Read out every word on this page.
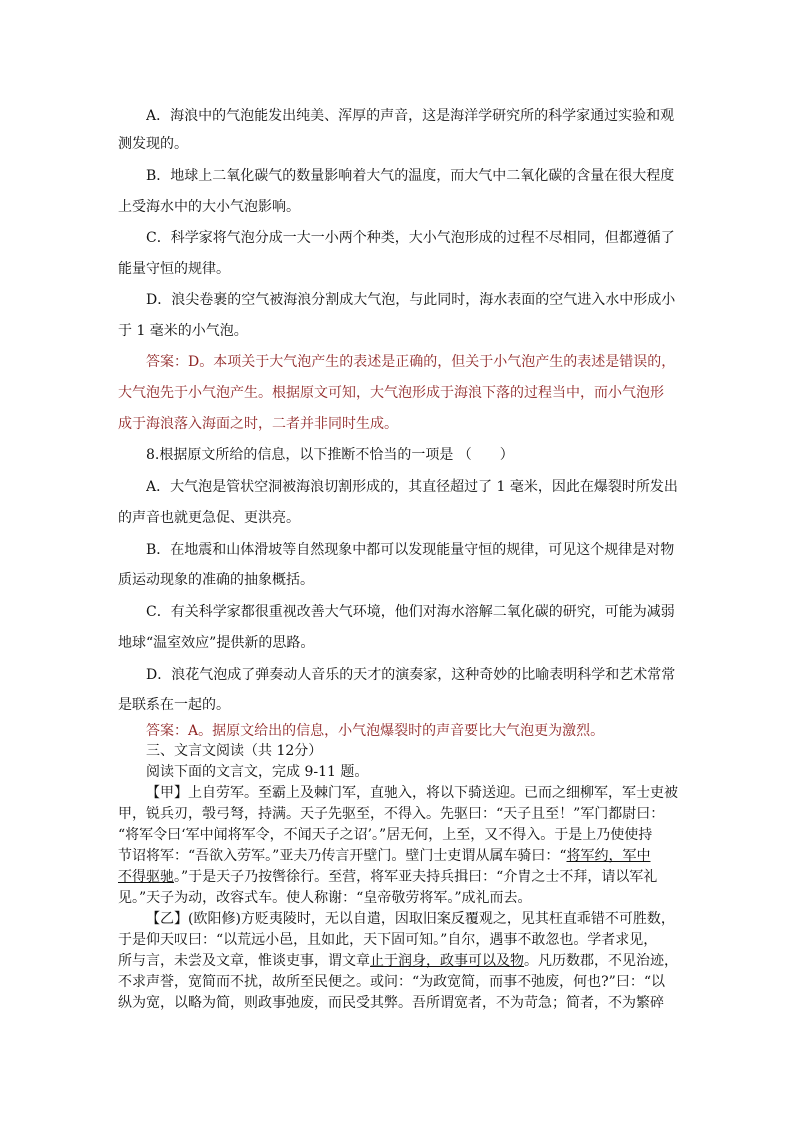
A．海浪中的气泡能发出纯美、浑厚的声音，这是海洋学研究所的科学家通过实验和观
测发现的。
B．地球上二氧化碳气的数量影响着大气的温度，而大气中二氧化碳的含量在很大程度
上受海水中的大小气泡影响。
C．科学家将气泡分成一大一小两个种类，大小气泡形成的过程不尽相同，但都遵循了
能量守恒的规律。
D．浪尖卷裹的空气被海浪分割成大气泡，与此同时，海水表面的空气进入水中形成小
于 1 毫米的小气泡。
答案：D。本项关于大气泡产生的表述是正确的，但关于小气泡产生的表述是错误的，
大气泡先于小气泡产生。根据原文可知，大气泡形成于海浪下落的过程当中，而小气泡形
成于海浪落入海面之时，二者并非同时生成。
8.根据原文所给的信息，以下推断不恰当的一项是 （　　）
A．大气泡是管状空洞被海浪切割形成的，其直径超过了 1 毫米，因此在爆裂时所发出
的声音也就更急促、更洪亮。
B．在地震和山体滑坡等自然现象中都可以发现能量守恒的规律，可见这个规律是对物
质运动现象的准确的抽象概括。
C．有关科学家都很重视改善大气环境，他们对海水溶解二氧化碳的研究，可能为减弱
地球“温室效应”提供新的思路。
D．浪花气泡成了弹奏动人音乐的天才的演奏家，这种奇妙的比喻表明科学和艺术常常
是联系在一起的。
答案：A。据原文给出的信息，小气泡爆裂时的声音要比大气泡更为激烈。
三、文言文阅读（共 12分）
阅读下面的文言文，完成 9-11 题。
【甲】上自劳军。至霸上及棘门军，直驰入，将以下骑送迎。已而之细柳军，军士吏被
甲，锐兵刃，彀弓弩，持满。天子先驱至，不得入。先驱曰：“天子且至！”军门都尉曰：
“将军令曰‘军中闻将军令，不闻天子之诏’。”居无何，上至，又不得入。于是上乃使使持
节诏将军：“吾欲入劳军。”亚夫乃传言开壁门。壁门士吏谓从属车骑曰：“将军约，军中
不得驱驰。”于是天子乃按辔徐行。至营，将军亚夫持兵揖曰：“介胄之士不拜，请以军礼
见。”天子为动，改容式车。使人称谢：“皇帝敬劳将军。”成礼而去。
【乙】(欧阳修)方贬夷陵时，无以自遣，因取旧案反覆观之，见其枉直乖错不可胜数，
于是仰天叹曰：“以荒远小邑，且如此，天下固可知。”自尔，遇事不敢忽也。学者求见，
所与言，未尝及文章，惟谈吏事，谓文章止于润身，政事可以及物。凡历数郡，不见治迹，
不求声誉，宽简而不扰，故所至民便之。或问：“为政宽简，而事不弛废，何也?”曰：“以
纵为宽，以略为简，则政事弛废，而民受其弊。吾所谓宽者，不为苛急；简者，不为繁碎
